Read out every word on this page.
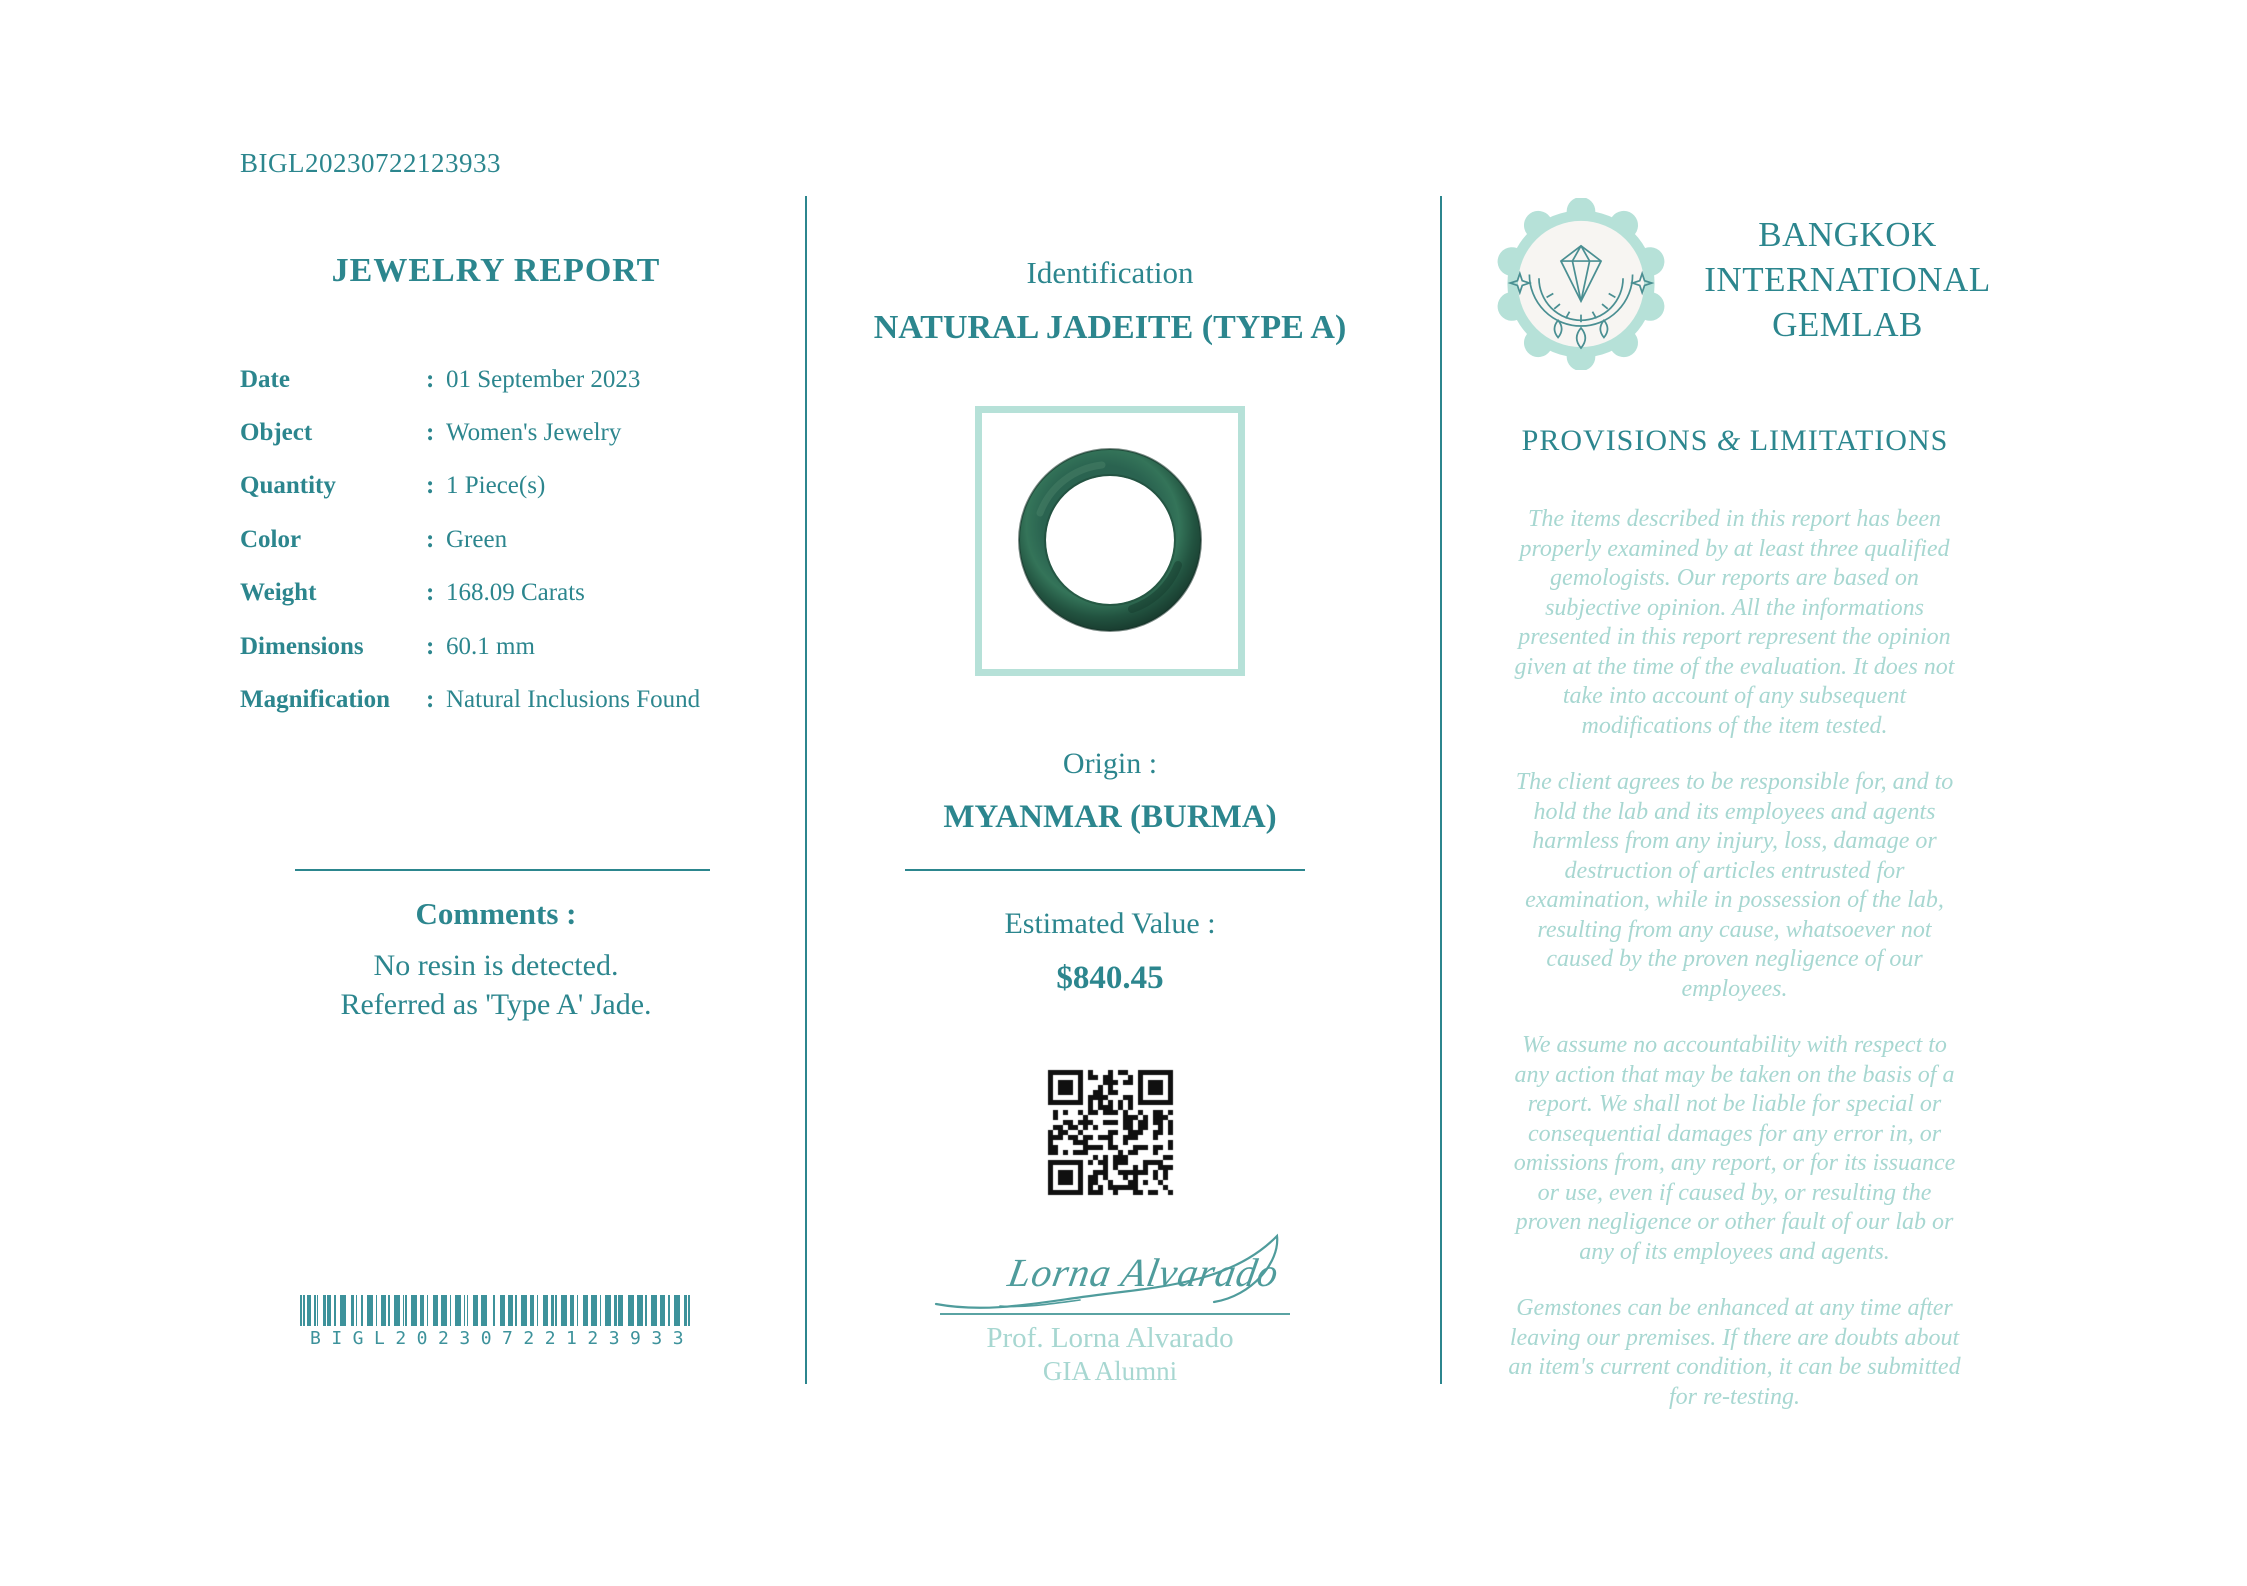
BIGL20230722123933
JEWELRY REPORT
Date	: 01 September 2023
Object	: Women's Jewelry
Quantity	: 1 Piece(s)
Color	: Green
Weight	: 168.09 Carats
Dimensions	: 60.1 mm
Magnification	: Natural Inclusions Found
Comments :
No resin is detected.
Referred as 'Type A' Jade.
BIGL20230722123933
Identification
NATURAL JADEITE (TYPE A)
Origin :
MYANMAR (BURMA)
Estimated Value :
$840.45
Lorna Alvarado
Prof. Lorna Alvarado
GIA Alumni
BANGKOK
INTERNATIONAL
GEMLAB
PROVISIONS & LIMITATIONS

The items described in this report has been properly examined by at least three qualified gemologists. Our reports are based on subjective opinion. All the informations presented in this report represent the opinion given at the time of the evaluation. It does not take into account of any subsequent modifications of the item tested.

The client agrees to be responsible for, and to hold the lab and its employees and agents harmless from any injury, loss, damage or destruction of articles entrusted for examination, while in possession of the lab, resulting from any cause, whatsoever not caused by the proven negligence of our employees.

We assume no accountability with respect to any action that may be taken on the basis of a report. We shall not be liable for special or consequential damages for any error in, or omissions from, any report, or for its issuance or use, even if caused by, or resulting the proven negligence or other fault of our lab or any of its employees and agents.

Gemstones can be enhanced at any time after leaving our premises. If there are doubts about an item's current condition, it can be submitted for re-testing.
